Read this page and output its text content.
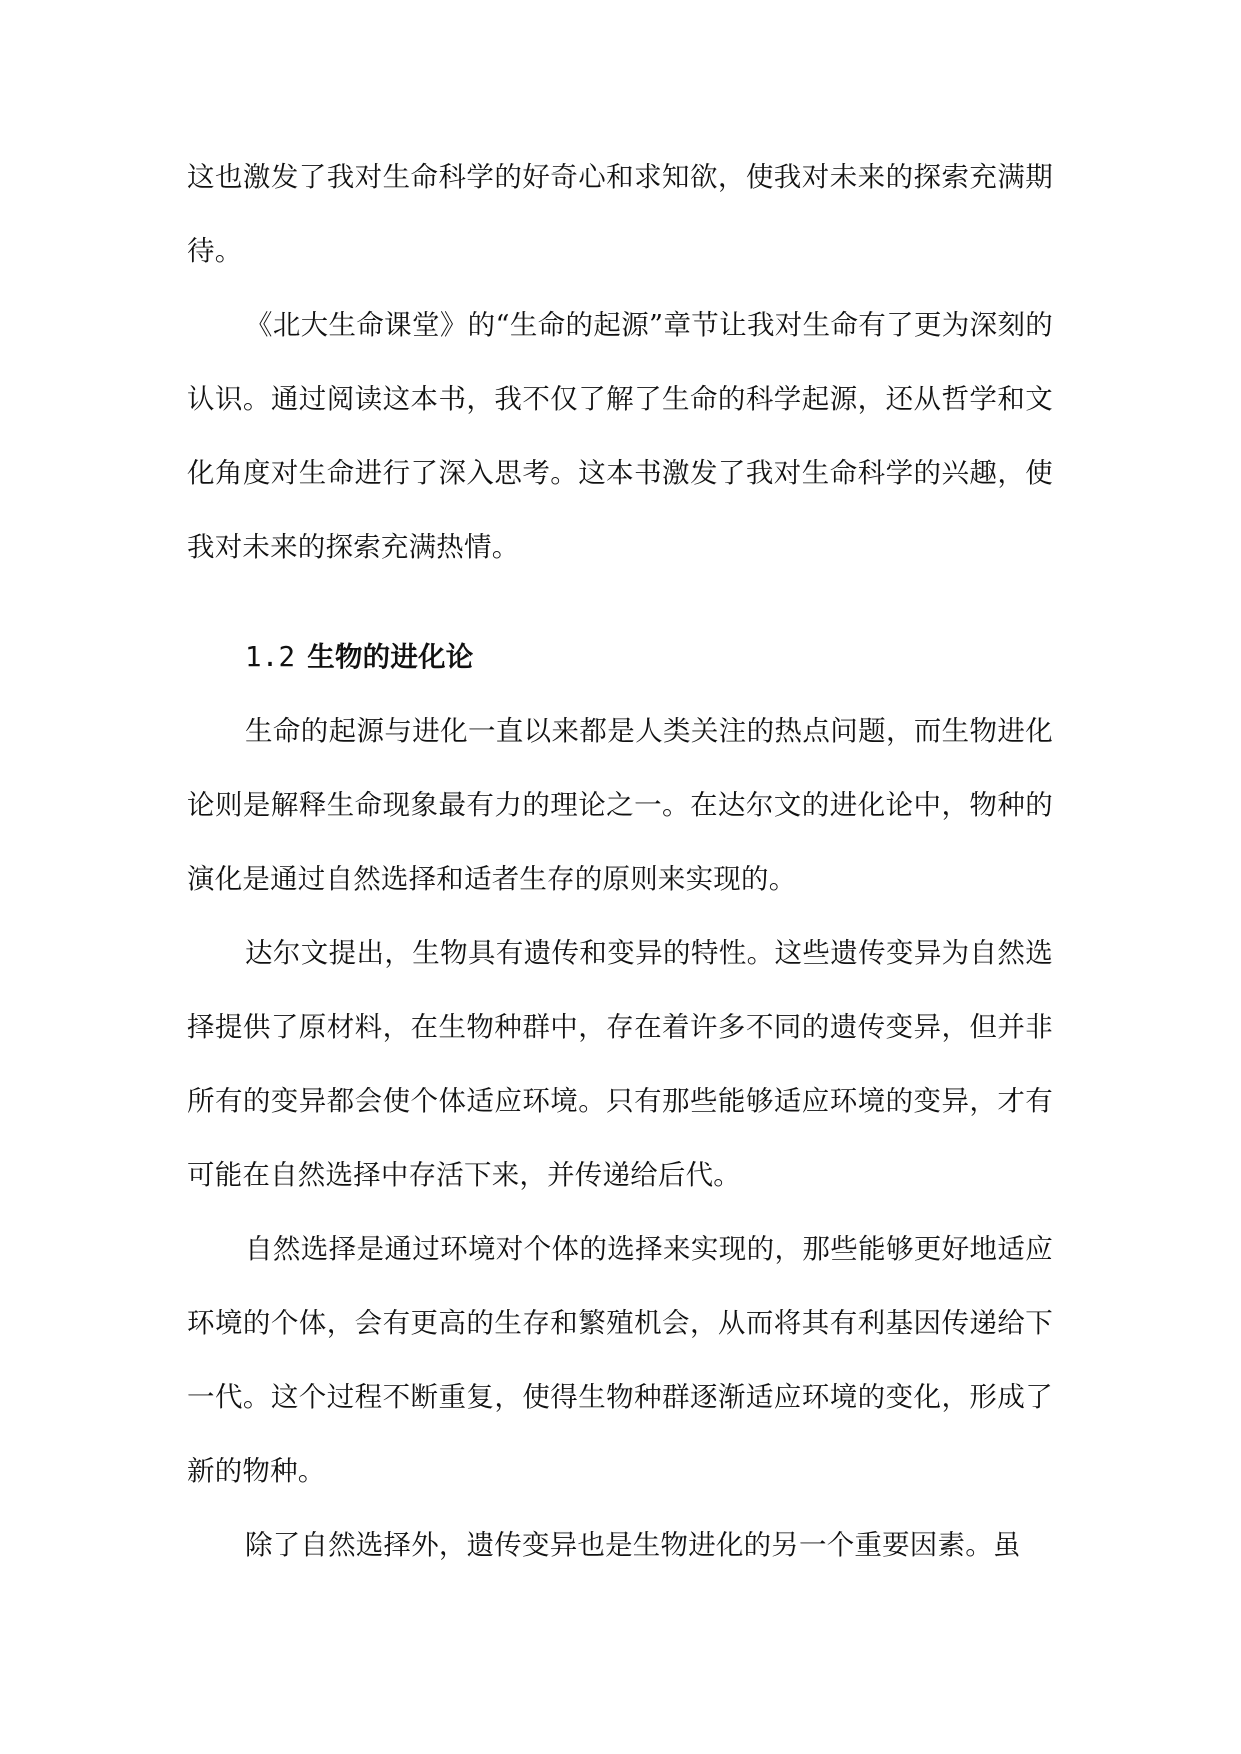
这也激发了我对生命科学的好奇心和求知欲，使我对未来的探索充满期待。

《北大生命课堂》的“生命的起源”章节让我对生命有了更为深刻的认识。通过阅读这本书，我不仅了解了生命的科学起源，还从哲学和文化角度对生命进行了深入思考。这本书激发了我对生命科学的兴趣，使我对未来的探索充满热情。

1.2 生物的进化论

生命的起源与进化一直以来都是人类关注的热点问题，而生物进化论则是解释生命现象最有力的理论之一。在达尔文的进化论中，物种的演化是通过自然选择和适者生存的原则来实现的。

达尔文提出，生物具有遗传和变异的特性。这些遗传变异为自然选择提供了原材料，在生物种群中，存在着许多不同的遗传变异，但并非所有的变异都会使个体适应环境。只有那些能够适应环境的变异，才有可能在自然选择中存活下来，并传递给后代。

自然选择是通过环境对个体的选择来实现的，那些能够更好地适应环境的个体，会有更高的生存和繁殖机会，从而将其有利基因传递给下一代。这个过程不断重复，使得生物种群逐渐适应环境的变化，形成了新的物种。

除了自然选择外，遗传变异也是生物进化的另一个重要因素。虽
